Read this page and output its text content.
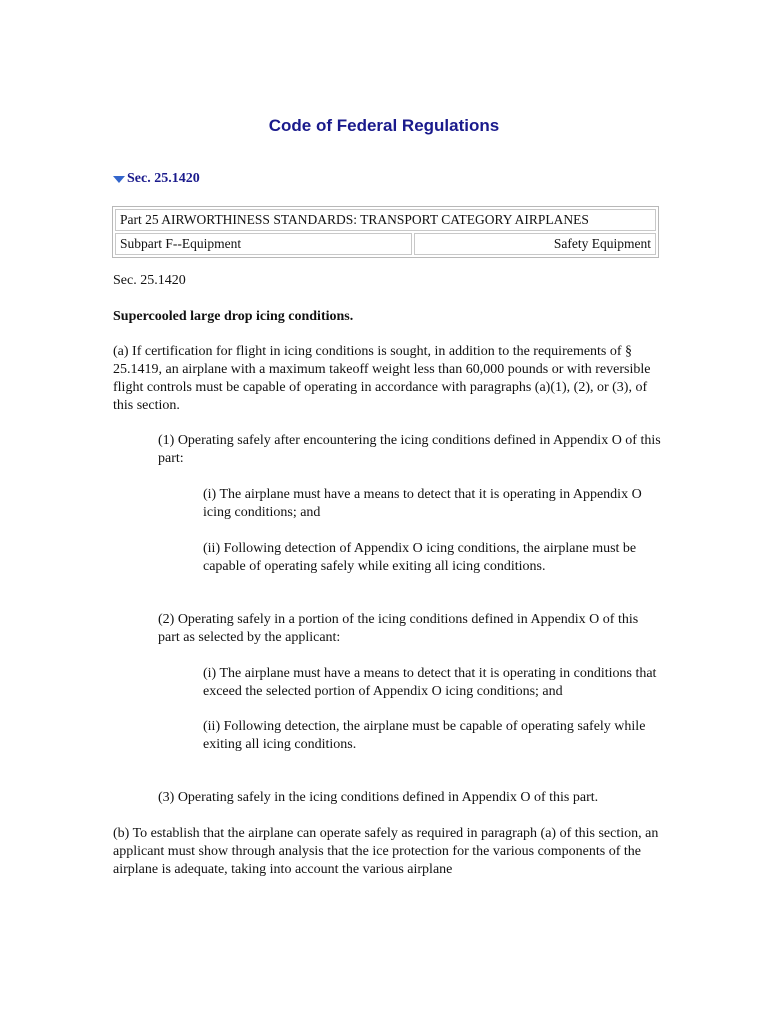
Code of Federal Regulations
Sec. 25.1420
Part 25 AIRWORTHINESS STANDARDS: TRANSPORT CATEGORY AIRPLANES
Subpart F--Equipment	Safety Equipment

Sec. 25.1420

Supercooled large drop icing conditions.

(a) If certification for flight in icing conditions is sought, in addition to the requirements of § 25.1419, an airplane with a maximum takeoff weight less than 60,000 pounds or with reversible flight controls must be capable of operating in accordance with paragraphs (a)(1), (2), or (3), of this section.

(1) Operating safely after encountering the icing conditions defined in Appendix O of this part:

(i) The airplane must have a means to detect that it is operating in Appendix O icing conditions; and

(ii) Following detection of Appendix O icing conditions, the airplane must be capable of operating safely while exiting all icing conditions.

(2) Operating safely in a portion of the icing conditions defined in Appendix O of this part as selected by the applicant:

(i) The airplane must have a means to detect that it is operating in conditions that exceed the selected portion of Appendix O icing conditions; and

(ii) Following detection, the airplane must be capable of operating safely while exiting all icing conditions.

(3) Operating safely in the icing conditions defined in Appendix O of this part.

(b) To establish that the airplane can operate safely as required in paragraph (a) of this section, an applicant must show through analysis that the ice protection for the various components of the airplane is adequate, taking into account the various airplane
